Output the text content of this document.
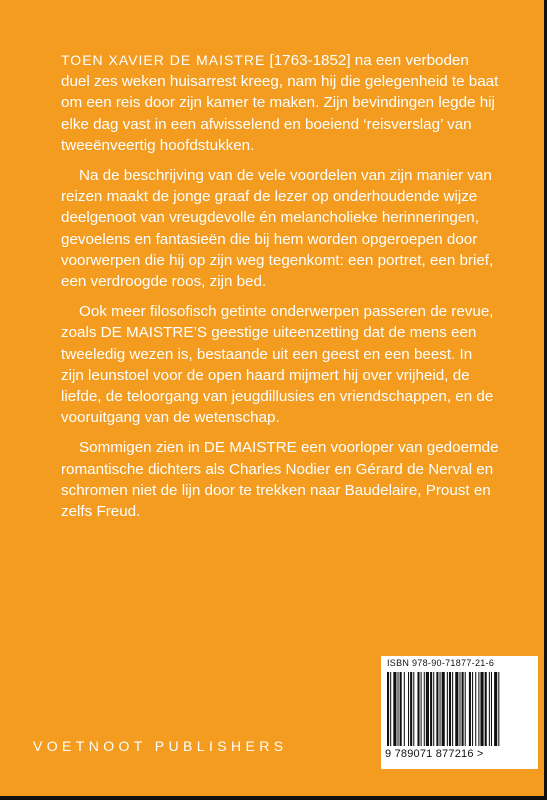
TOEN XAVIER DE MAISTRE [1763-1852] na een verboden duel zes weken huisarrest kreeg, nam hij die gelegenheid te baat om een reis door zijn kamer te maken. Zijn bevindingen legde hij elke dag vast in een afwisselend en boeiend ‘reisverslag’ van tweeënveertig hoofdstukken.

Na de beschrijving van de vele voordelen van zijn manier van reizen maakt de jonge graaf de lezer op onderhoudende wijze deelgenoot van vreugdevolle én melancholieke herinneringen, gevoelens en fantasieën die bij hem worden opgeroepen door voorwerpen die hij op zijn weg tegenkomt: een portret, een brief, een verdroogde roos, zijn bed.

Ook meer filosofisch getinte onderwerpen passeren de revue, zoals DE MAISTRE’S geestige uiteenzetting dat de mens een tweeledig wezen is, bestaande uit een geest en een beest. In zijn leunstoel voor de open haard mijmert hij over vrijheid, de liefde, de teloorgang van jeugdillusies en vriendschappen, en de vooruitgang van de wetenschap.

Sommigen zien in DE MAISTRE een voorloper van gedoemde romantische dichters als Charles Nodier en Gérard de Nerval en schromen niet de lijn door te trekken naar Baudelaire, Proust en zelfs Freud.

ISBN 978-90-71877-21-6
9 789071 877216 >
VOETNOOT PUBLISHERS
